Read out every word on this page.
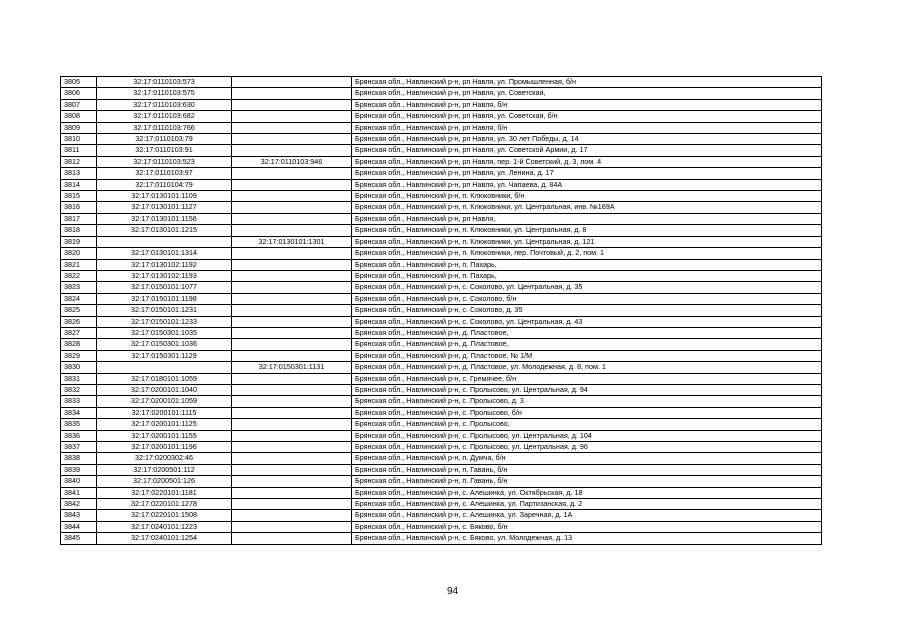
3805	32:17:0110103:573		Брянская обл., Навлинский р-н, рп Навля, ул. Промышленная, б/н
3806	32:17:0110103:575		Брянская обл., Навлинский р-н, рп Навля, ул. Советская,
3807	32:17:0110103:630		Брянская обл., Навлинский р-н, рп Навля, б/н
3808	32:17:0110103:682		Брянская обл., Навлинский р-н, рп Навля, ул. Советская, б/н
3809	32:17:0110103:766		Брянская обл., Навлинский р-н, рп Навля, б/н
3810	32:17:0110103:79		Брянская обл., Навлинский р-н, рп Навля, ул. 30 лет Победы, д. 14
3811	32:17:0110103:91		Брянская обл., Навлинский р-н, рп Навля, ул. Советской Армии, д. 17
3812	32:17:0110103:523	32:17:0110103:946	Брянская обл., Навлинский р-н, рп Навля, пер. 1-й Советский, д. 3, пом. 4
3813	32:17:0110103:97		Брянская обл., Навлинский р-н, рп Навля, ул. Ленина, д. 17
3814	32:17:0110104:79		Брянская обл., Навлинский р-н, рп Навля, ул. Чапаева, д. 84А
3815	32:17:0130101:1109		Брянская обл., Навлинский р-н, п. Клюковники, б/н
3816	32:17:0130101:1127		Брянская обл., Навлинский р-н, п. Клюковники, ул. Центральная, инв. №169А
3817	32:17:0130101:1156		Брянская обл., Навлинский р-н, рп Навля,
3818	32:17:0130101:1215		Брянская обл., Навлинский р-н, п. Клюковники, ул. Центральная, д. 8
3819		32:17:0130101:1301	Брянская обл., Навлинский р-н, п. Клюковники, ул. Центральная, д. 121
3820	32:17:0130101:1314		Брянская обл., Навлинский р-н, п. Клюковники, пер. Почтовый, д. 2, пом. 1
3821	32:17:0130102:1192		Брянская обл., Навлинский р-н, п. Пахарь,
3822	32:17:0130102:1193		Брянская обл., Навлинский р-н, п. Пахарь,
3823	32:17:0150101:1077		Брянская обл., Навлинский р-н, с. Соколово, ул. Центральная, д. 35
3824	32:17:0150101:1198		Брянская обл., Навлинский р-н, с. Соколово, б/н
3825	32:17:0150101:1231		Брянская обл., Навлинский р-н, с. Соколово, д. 35
3826	32:17:0150101:1233		Брянская обл., Навлинский р-н, с. Соколово, ул. Центральная, д. 43
3827	32:17:0150301:1035		Брянская обл., Навлинский р-н, д. Пластовое,
3828	32:17:0150301:1036		Брянская обл., Навлинский р-н, д. Пластовое,
3829	32:17:0150301:1129		Брянская обл., Навлинский р-н, д. Пластовое, № 1/М
3830		32:17:0150301:1131	Брянская обл., Навлинский р-н, д. Пластовое, ул. Молодежная, д. 8, пом. 1
3831	32:17:0180101:1059		Брянская обл., Навлинский р-н, с. Гремячее, б/н
3832	32:17:0200101:1040		Брянская обл., Навлинский р-н, с. Пролысово, ул. Центральная, д. 94
3833	32:17:0200101:1059		Брянская обл., Навлинский р-н, с. Пролысово, д. 3
3834	32:17:0200101:1115		Брянская обл., Навлинский р-н, с. Пролысово, б/н
3835	32:17:0200101:1125		Брянская обл., Навлинский р-н, с. Пролысово,
3836	32:17:0200101:1155		Брянская обл., Навлинский р-н, с. Пролысово, ул. Центральная, д. 104
3837	32:17:0200101:1196		Брянская обл., Навлинский р-н, с. Пролысово, ул. Центральная, д. 96
3838	32:17:0200302:46		Брянская обл., Навлинский р-н, п. Думча, б/н
3839	32:17:0200501:112		Брянская обл., Навлинский р-н, п. Гавань, б/н
3840	32:17:0200501:126		Брянская обл., Навлинский р-н, п. Гавань, б/н
3841	32:17:0220101:1181		Брянская обл., Навлинский р-н, с. Алешинка, ул. Октябрьская, д. 18
3842	32:17:0220101:1278		Брянская обл., Навлинский р-н, с. Алешинка, ул. Партизанская, д. 2
3843	32:17:0220101:1508		Брянская обл., Навлинский р-н, с. Алешинка, ул. Заречная, д. 1А
3844	32:17:0240101:1223		Брянская обл., Навлинский р-н, с. Бяково, б/н
3845	32:17:0240101:1254		Брянская обл., Навлинский р-н, с. Бяково, ул. Молодежная, д. 13
94
